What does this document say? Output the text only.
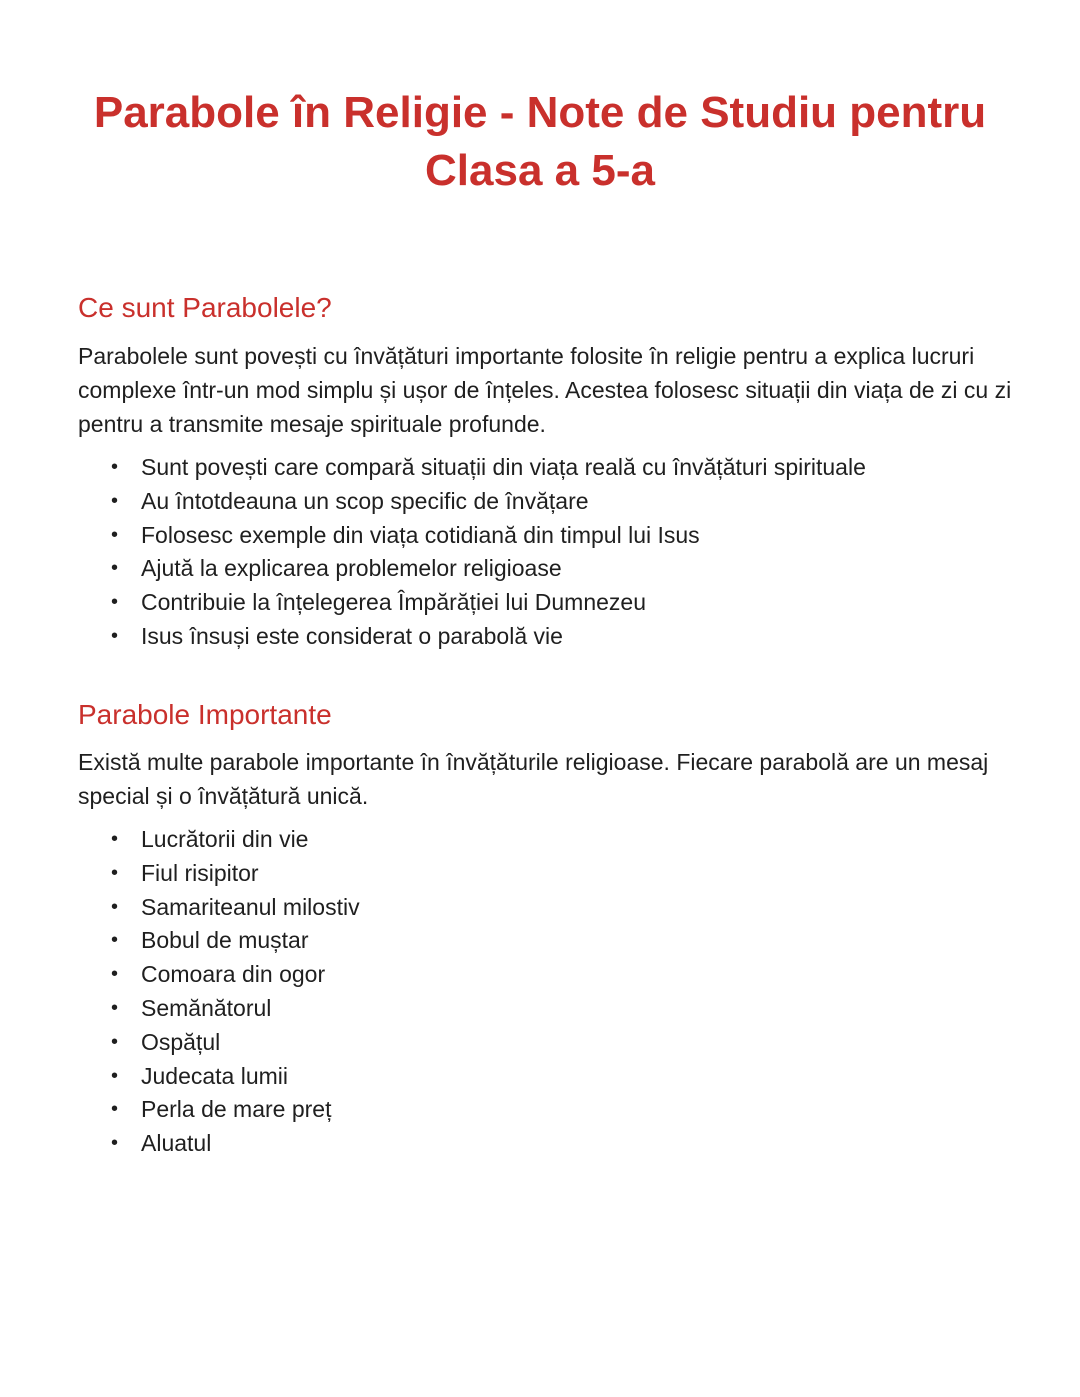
Parabole în Religie - Note de Studiu pentru Clasa a 5-a
Ce sunt Parabolele?

Parabolele sunt povești cu învățături importante folosite în religie pentru a explica lucruri complexe într-un mod simplu și ușor de înțeles. Acestea folosesc situații din viața de zi cu zi pentru a transmite mesaje spirituale profunde.

• Sunt povești care compară situații din viața reală cu învățături spirituale
• Au întotdeauna un scop specific de învățare
• Folosesc exemple din viața cotidiană din timpul lui Isus
• Ajută la explicarea problemelor religioase
• Contribuie la înțelegerea Împărăției lui Dumnezeu
• Isus însuși este considerat o parabolă vie
Parabole Importante

Există multe parabole importante în învățăturile religioase. Fiecare parabolă are un mesaj special și o învățătură unică.

• Lucrătorii din vie
• Fiul risipitor
• Samariteanul milostiv
• Bobul de muștar
• Comoara din ogor
• Semănătorul
• Ospățul
• Judecata lumii
• Perla de mare preț
• Aluatul
